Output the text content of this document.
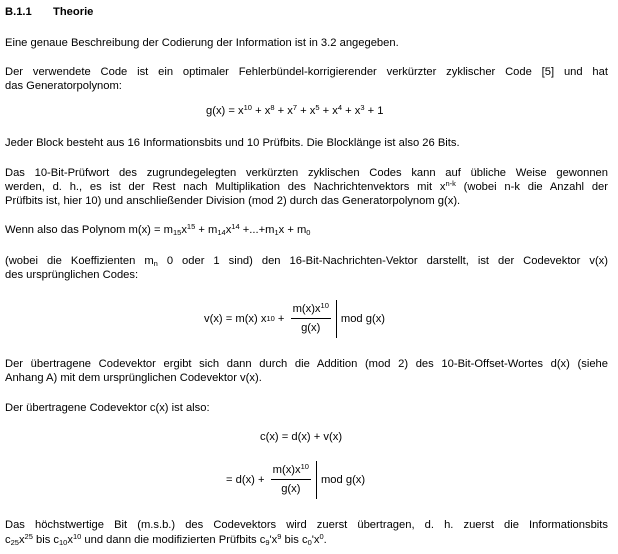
B.1.1 Theorie
Eine genaue Beschreibung der Codierung der Information ist in 3.2 angegeben.
Der verwendete Code ist ein optimaler Fehlerbündel-korrigierender verkürzter zyklischer Code [5] und hat
das Generatorpolynom:
$g(x) = x^{10} + x^8 + x^7 + x^5 + x^4 + x^3 + 1$
Jeder Block besteht aus 16 Informationsbits und 10 Prüfbits. Die Blocklänge ist also 26 Bits.
Das 10-Bit-Prüfwort des zugrundegelegten verkürzten zyklischen Codes kann auf übliche Weise gewonnen
werden, d. h., es ist der Rest nach Multiplikation des Nachrichtenvektors mit $x^{n-k}$ (wobei n-k die Anzahl der
Prüfbits ist, hier 10) und anschließender Division (mod 2) durch das Generatorpolynom g(x).
Wenn also das Polynom $m(x) = m_{15}x^{15} + m_{14}x^{14} +...+m_1x + m_0$
(wobei die Koeffizienten $m_n$ 0 oder 1 sind) den 16-Bit-Nachrichten-Vektor darstellt, ist der Codevektor v(x)
des ursprünglichen Codes:
v(x) = m(x) x $10 + \frac{m(x)x^{10}}{g(x)}$ mod g(x)
Der übertragene Codevektor ergibt sich dann durch die Addition (mod 2) des 10-Bit-Offset-Wortes d(x) (siehe
Anhang A) mit dem ursprünglichen Codevektor v(x).
Der übertragene Codevektor c(x) ist also:
c(x) = d(x) + v(x)
= $d(x) + \frac{m(x)x^{10}}{g(x)}$ mod g(x)
Das höchstwertige Bit (m.s.b.) des Codevektors wird zuerst übertragen, d. h. zuerst die Informationsbits
$c_{25}x^{25}$ bis $c_{10}x^{10}$ und dann die modifizierten Prüfbits $c_9'x^9$ bis $c_0'x^0$.
